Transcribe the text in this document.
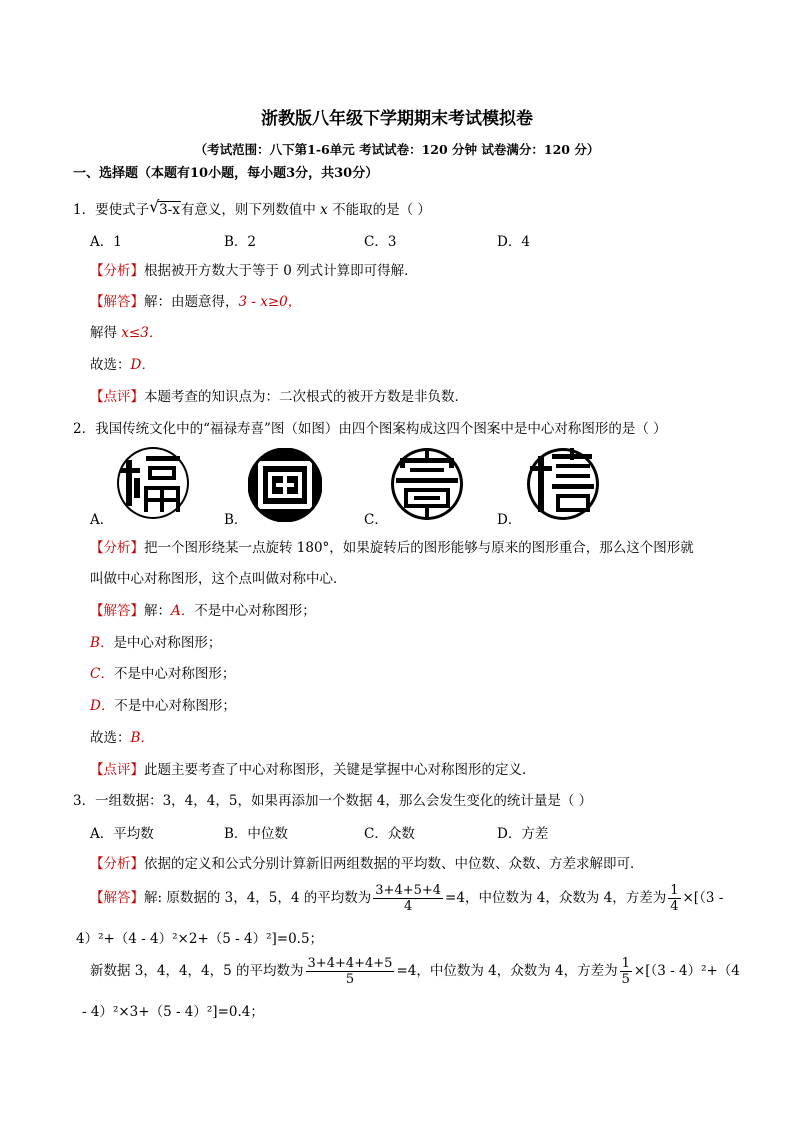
浙教版八年级下学期期末考试模拟卷
（考试范围：八下第1-6单元 考试试卷：120 分钟 试卷满分：120 分）
一、选择题（本题有10小题，每小题3分，共30分）
1．要使式子 √ 3-x有意义，则下列数值中 x 不能取的是（ ）
A．1	B．2	C．3	D．4
【分析】根据被开方数大于等于 0 列式计算即可得解．
【解答】解：由题意得，3 - x≥0，
解得 x≤3．
故选：D．
【点评】本题考查的知识点为：二次根式的被开方数是非负数．
2．我国传统文化中的“福禄寿喜”图（如图）由四个图案构成这四个图案中是中心对称图形的是（ ）
A．	B．	C．	D．
【分析】把一个图形绕某一点旋转 180°，如果旋转后的图形能够与原来的图形重合，那么这个图形就
叫做中心对称图形，这个点叫做对称中心．
【解答】解：A．不是中心对称图形；
B．是中心对称图形；
C．不是中心对称图形；
D．不是中心对称图形；
故选：B．
【点评】此题主要考查了中心对称图形，关键是掌握中心对称图形的定义．
3．一组数据：3，4，4，5，如果再添加一个数据 4，那么会发生变化的统计量是（ ）
A．平均数	B．中位数	C．众数	D．方差
【分析】依据的定义和公式分别计算新旧两组数据的平均数、中位数、众数、方差求解即可．
【解答】解: 原数据的 3，4，5，4 的平均数为 $\frac{3+4+5+4}{4} =4$，中位数为 4，众数为 4，方差为 $\frac{1}{4} \times[(3$ -
4）²+（4 - 4）²×2+（5 - 4）²]=0.5；
新数据 3，4，4，4，5 的平均数为 $\frac{3+4+4+4+5}{5} =4$，中位数为 4，众数为 4，方差为 $\frac{1}{5} \times[(3 - 4)^2+(4$
- 4）²×3+（5 - 4）²]=0.4；
